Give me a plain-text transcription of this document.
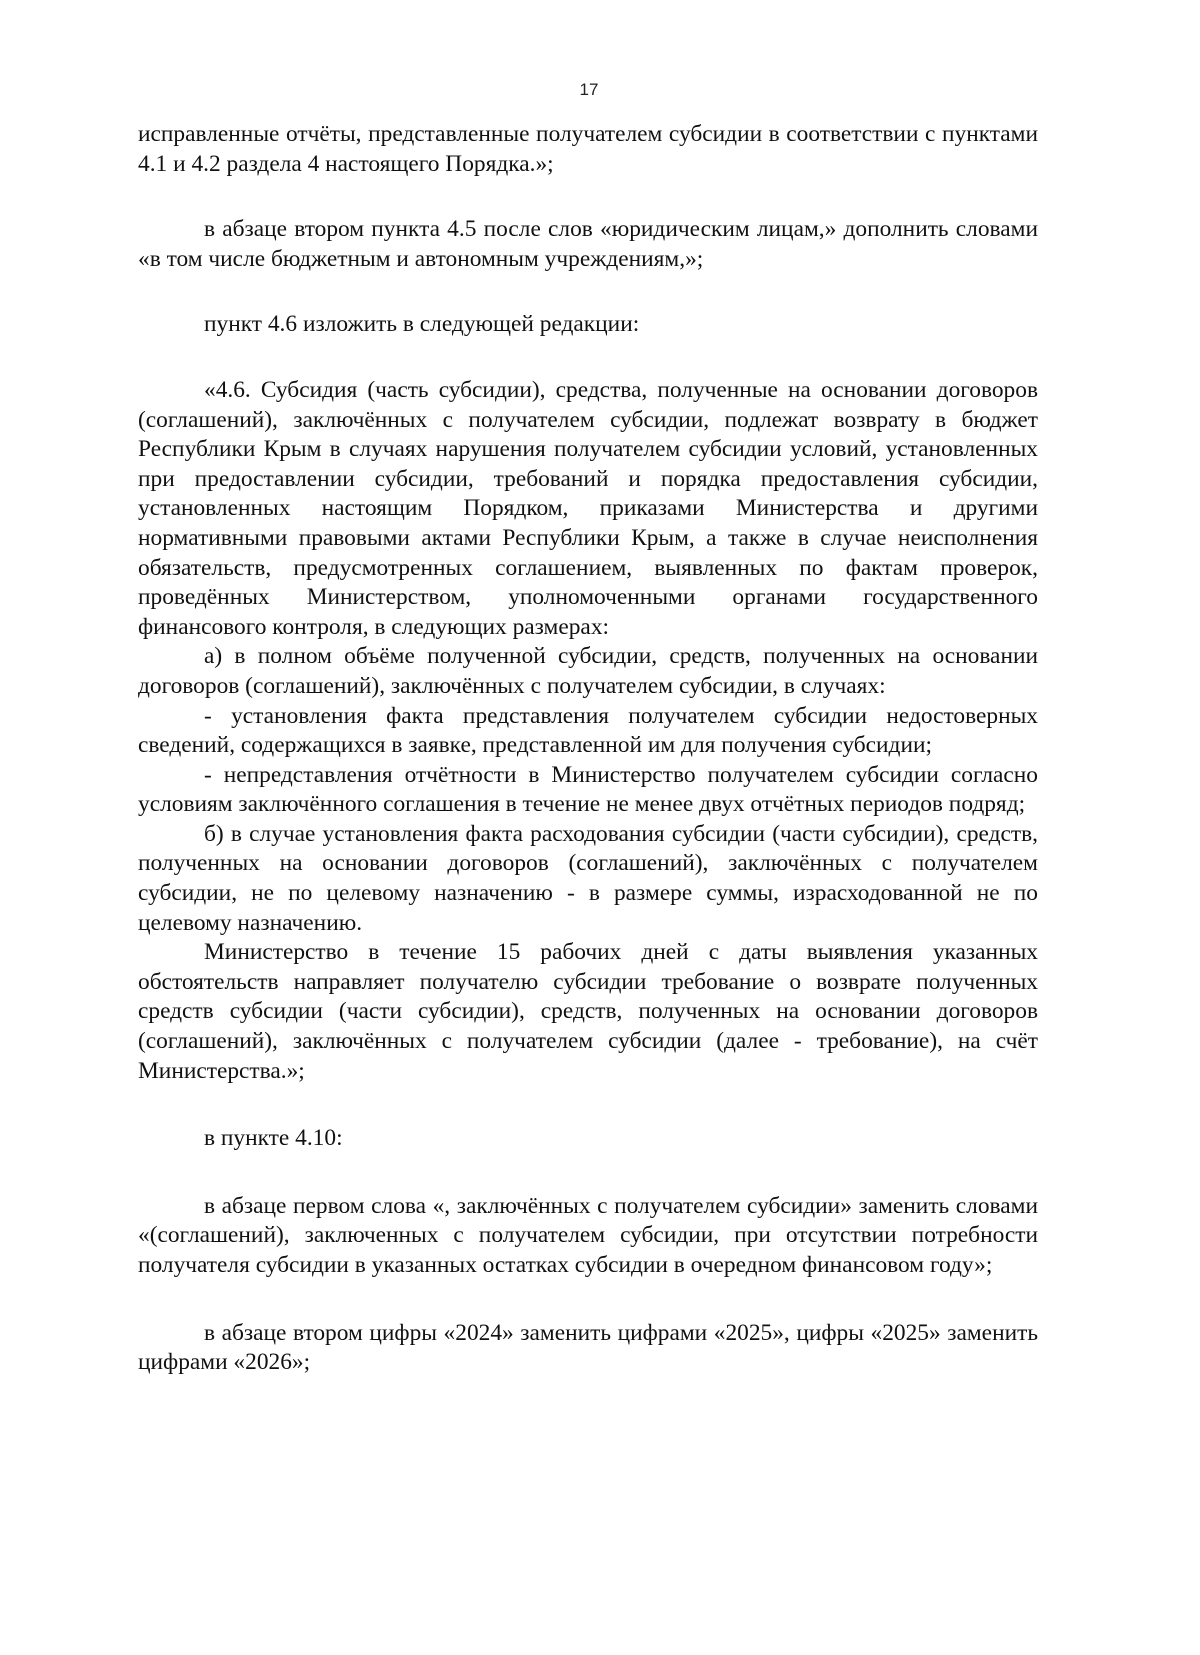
17

исправленные отчёты, представленные получателем субсидии в соответствии с пунктами 4.1 и 4.2 раздела 4 настоящего Порядка.»;

в абзаце втором пункта 4.5 после слов «юридическим лицам,» дополнить словами «в том числе бюджетным и автономным учреждениям,»;

пункт 4.6 изложить в следующей редакции:

«4.6. Субсидия (часть субсидии), средства, полученные на основании договоров (соглашений), заключённых с получателем субсидии, подлежат возврату в бюджет Республики Крым в случаях нарушения получателем субсидии условий, установленных при предоставлении субсидии, требований и порядка предоставления субсидии, установленных настоящим Порядком, приказами Министерства и другими нормативными правовыми актами Республики Крым, а также в случае неисполнения обязательств, предусмотренных соглашением, выявленных по фактам проверок, проведённых Министерством, уполномоченными органами государственного финансового контроля, в следующих размерах:

а) в полном объёме полученной субсидии, средств, полученных на основании договоров (соглашений), заключённых с получателем субсидии, в случаях:

- установления факта представления получателем субсидии недостоверных сведений, содержащихся в заявке, представленной им для получения субсидии;

- непредставления отчётности в Министерство получателем субсидии согласно условиям заключённого соглашения в течение не менее двух отчётных периодов подряд;

б) в случае установления факта расходования субсидии (части субсидии), средств, полученных на основании договоров (соглашений), заключённых с получателем субсидии, не по целевому назначению - в размере суммы, израсходованной не по целевому назначению.

Министерство в течение 15 рабочих дней с даты выявления указанных обстоятельств направляет получателю субсидии требование о возврате полученных средств субсидии (части субсидии), средств, полученных на основании договоров (соглашений), заключённых с получателем субсидии (далее - требование), на счёт Министерства.»;

в пункте 4.10:

в абзаце первом слова «, заключённых с получателем субсидии» заменить словами «(соглашений), заключенных с получателем субсидии, при отсутствии потребности получателя субсидии в указанных остатках субсидии в очередном финансовом году»;

в абзаце втором цифры «2024» заменить цифрами «2025», цифры «2025» заменить цифрами «2026»;
